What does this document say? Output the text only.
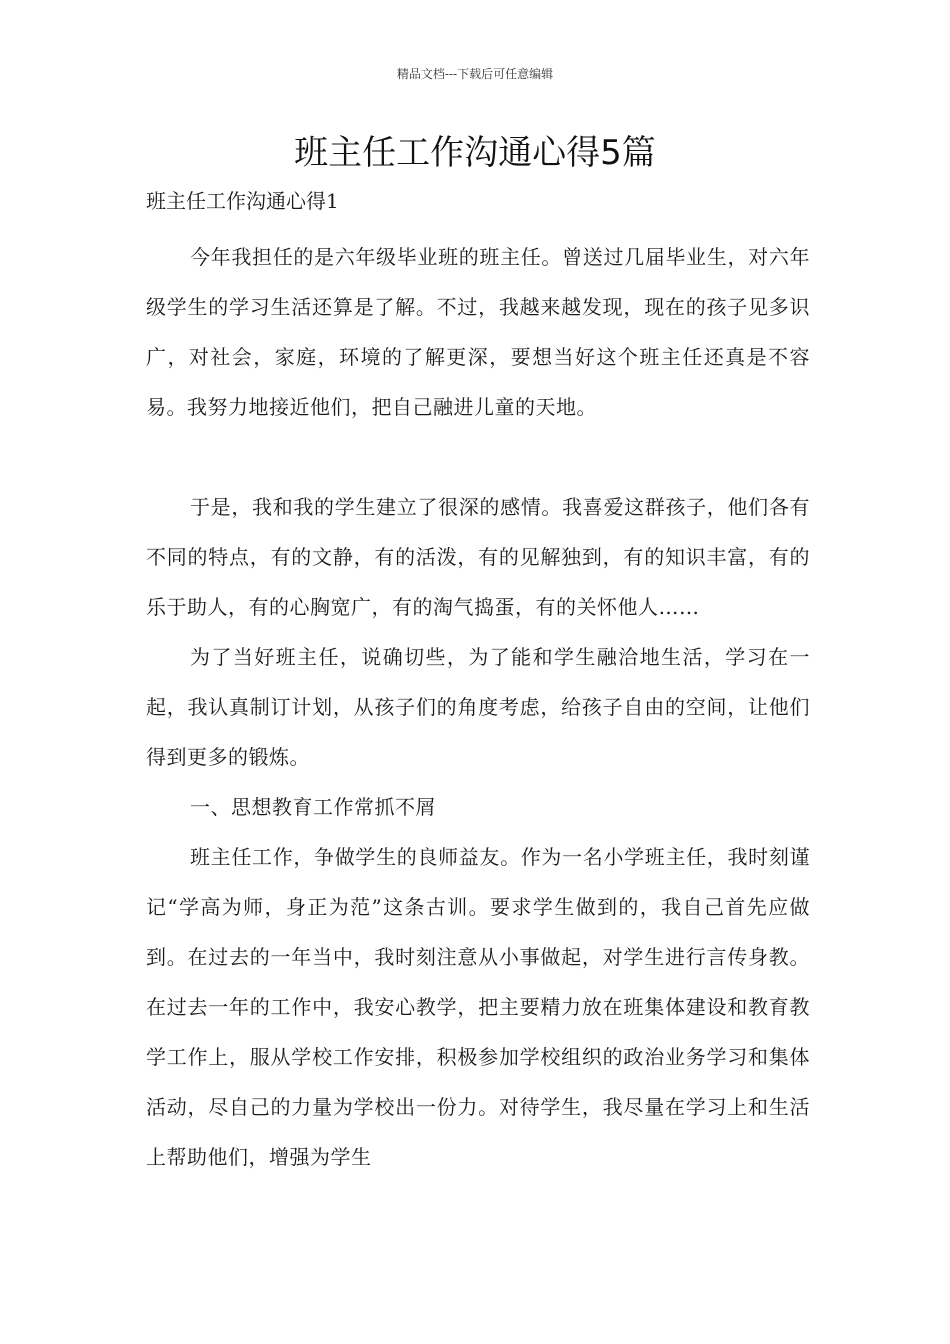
精品文档---下载后可任意编辑
班主任工作沟通心得5篇

班主任工作沟通心得1

今年我担任的是六年级毕业班的班主任。曾送过几届毕业生，对六年级学生的学习生活还算是了解。不过，我越来越发现，现在的孩子见多识广，对社会，家庭，环境的了解更深，要想当好这个班主任还真是不容易。我努力地接近他们，把自己融进儿童的天地。

于是，我和我的学生建立了很深的感情。我喜爱这群孩子，他们各有不同的特点，有的文静，有的活泼，有的见解独到，有的知识丰富，有的乐于助人，有的心胸宽广，有的淘气捣蛋，有的关怀他人……

为了当好班主任，说确切些，为了能和学生融洽地生活，学习在一起，我认真制订计划，从孩子们的角度考虑，给孩子自由的空间，让他们得到更多的锻炼。

一、思想教育工作常抓不屑

班主任工作，争做学生的良师益友。作为一名小学班主任，我时刻谨记“学高为师，身正为范”这条古训。要求学生做到的，我自己首先应做到。在过去的一年当中，我时刻注意从小事做起，对学生进行言传身教。在过去一年的工作中，我安心教学，把主要精力放在班集体建设和教育教学工作上，服从学校工作安排，积极参加学校组织的政治业务学习和集体活动，尽自己的力量为学校出一份力。对待学生，我尽量在学习上和生活上帮助他们，增强为学生
